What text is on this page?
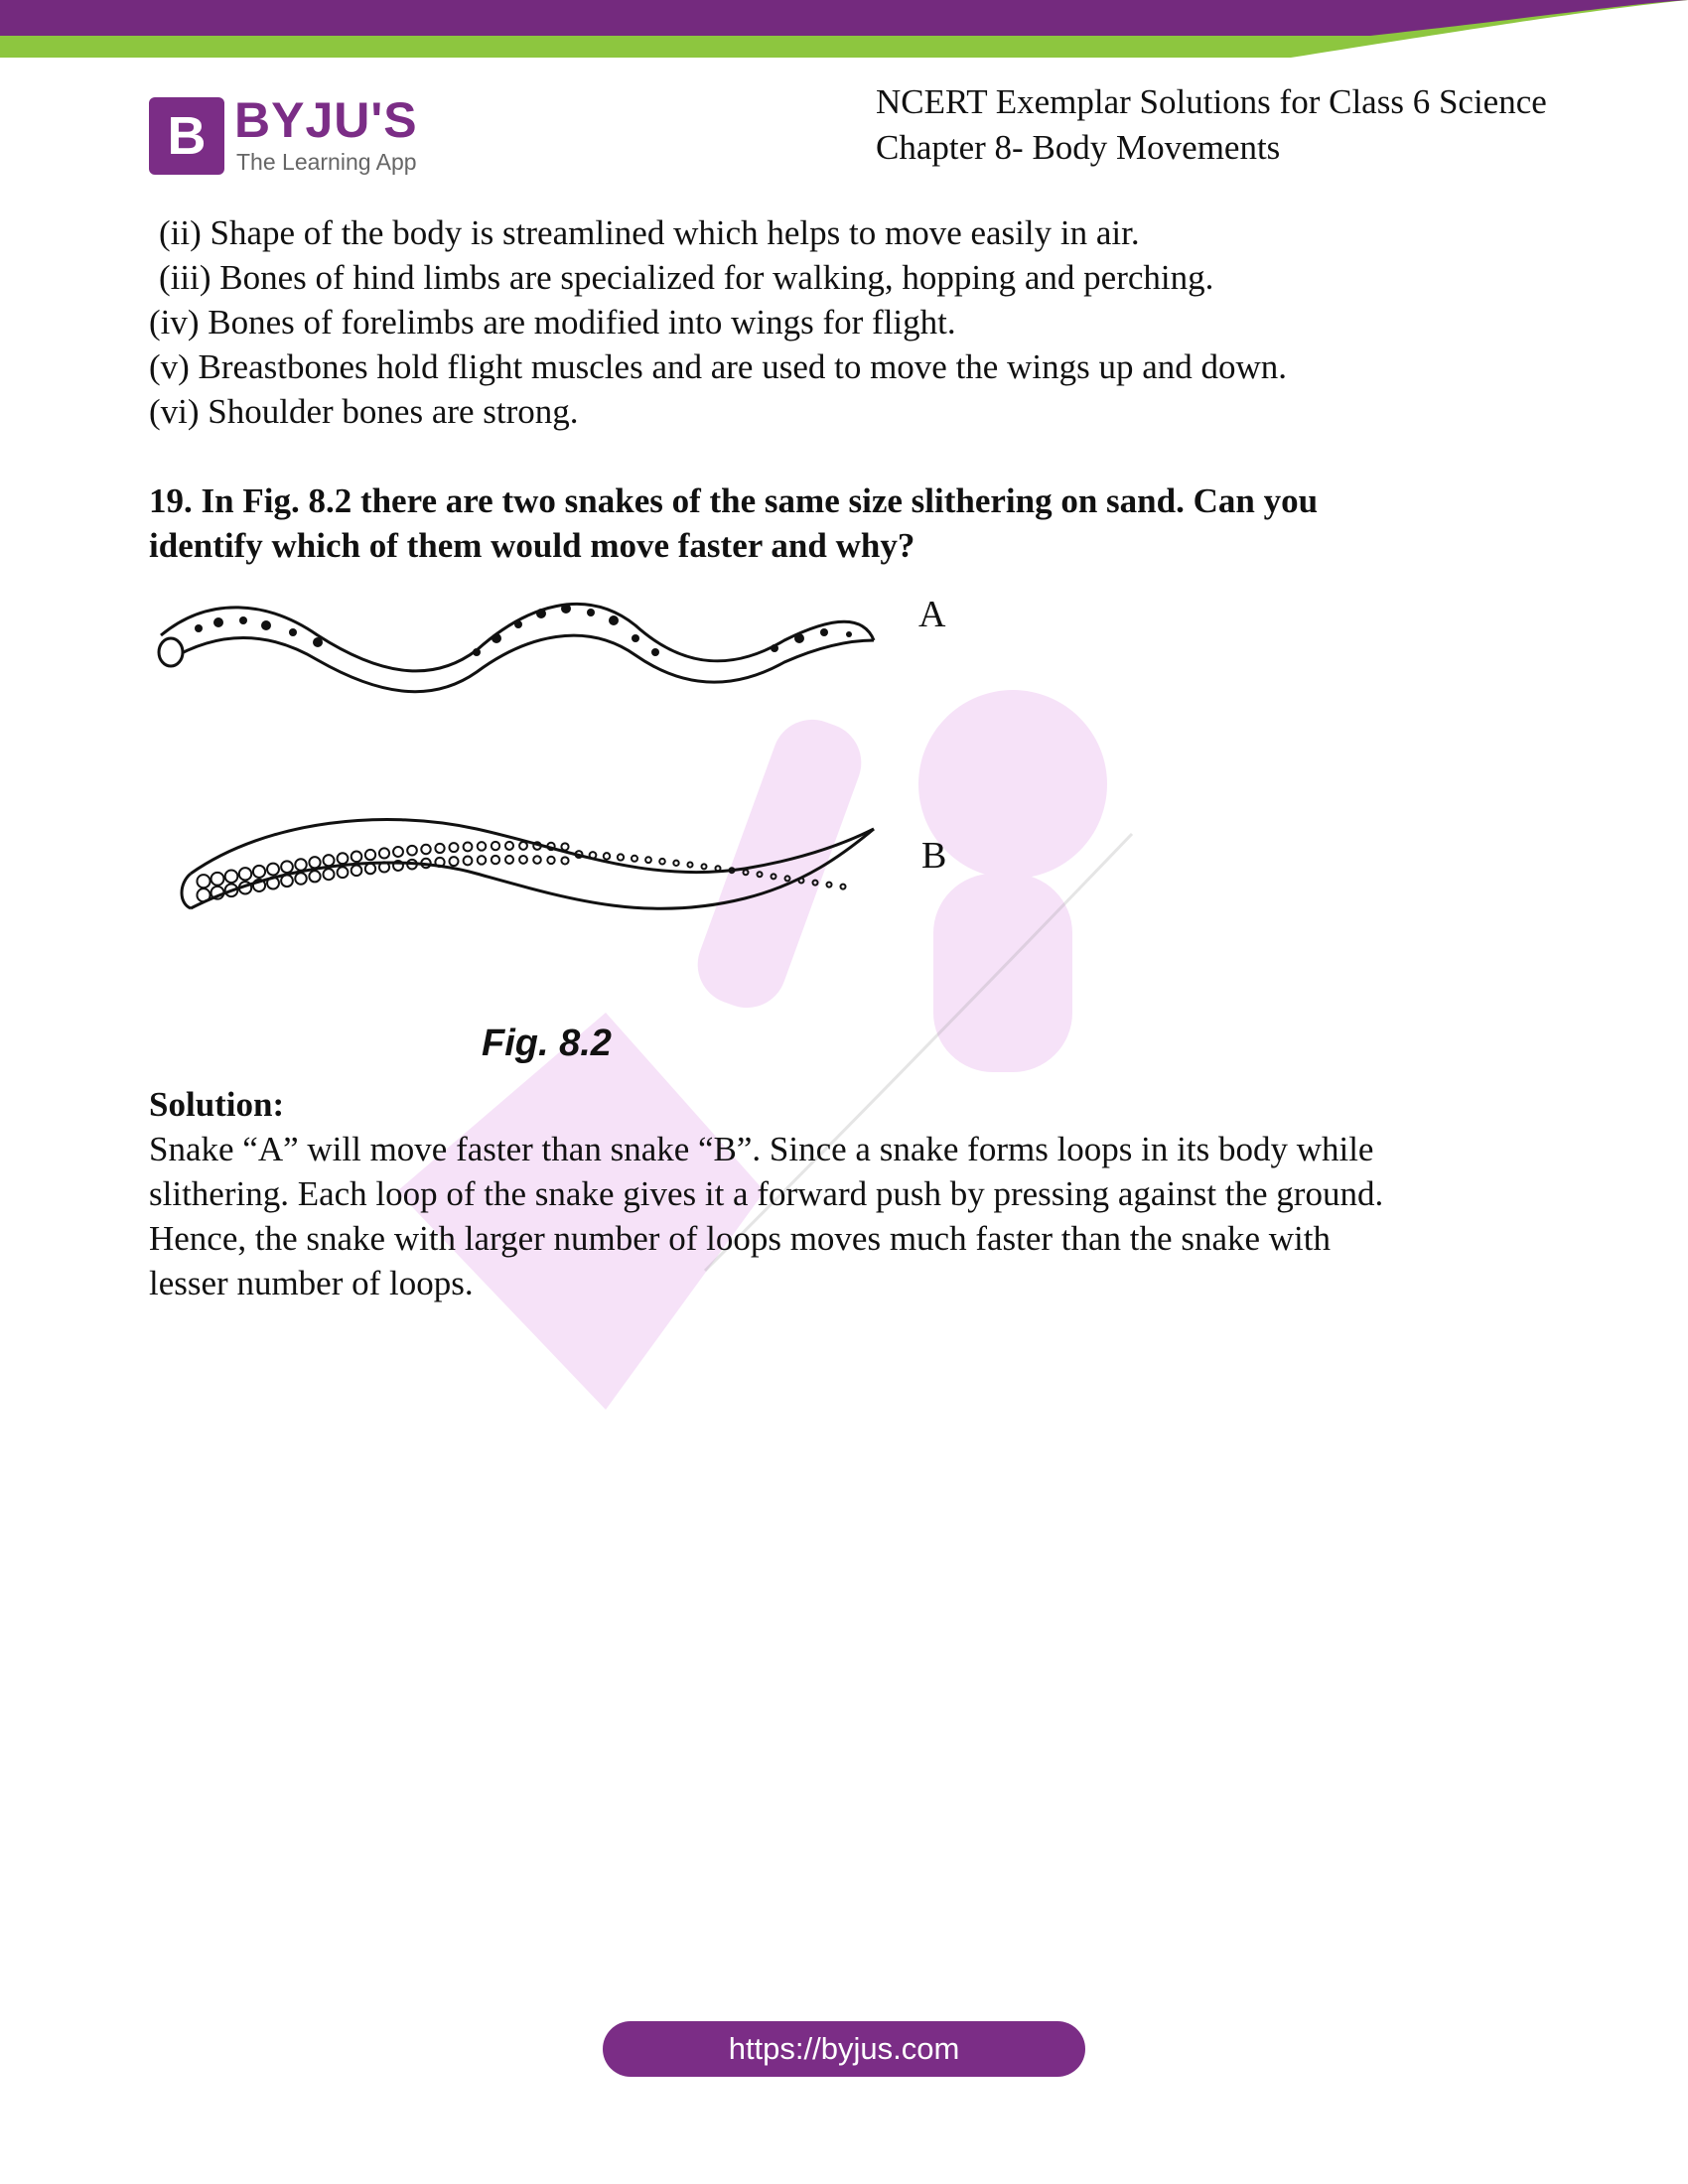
B BYJU'S
The Learning App
NCERT Exemplar Solutions for Class 6 Science
Chapter 8- Body Movements

(ii) Shape of the body is streamlined which helps to move easily in air.

(iii) Bones of hind limbs are specialized for walking, hopping and perching.

(iv) Bones of forelimbs are modified into wings for flight.

(v) Breastbones hold flight muscles and are used to move the wings up and down.

(vi) Shoulder bones are strong.

19. In Fig. 8.2 there are two snakes of the same size slithering on sand. Can you

identify which of them would move faster and why?

A
B
Fig. 8.2

Solution:

Snake “A” will move faster than snake “B”. Since a snake forms loops in its body while

slithering. Each loop of the snake gives it a forward push by pressing against the ground.

Hence, the snake with larger number of loops moves much faster than the snake with

lesser number of loops.

https://byjus.com
